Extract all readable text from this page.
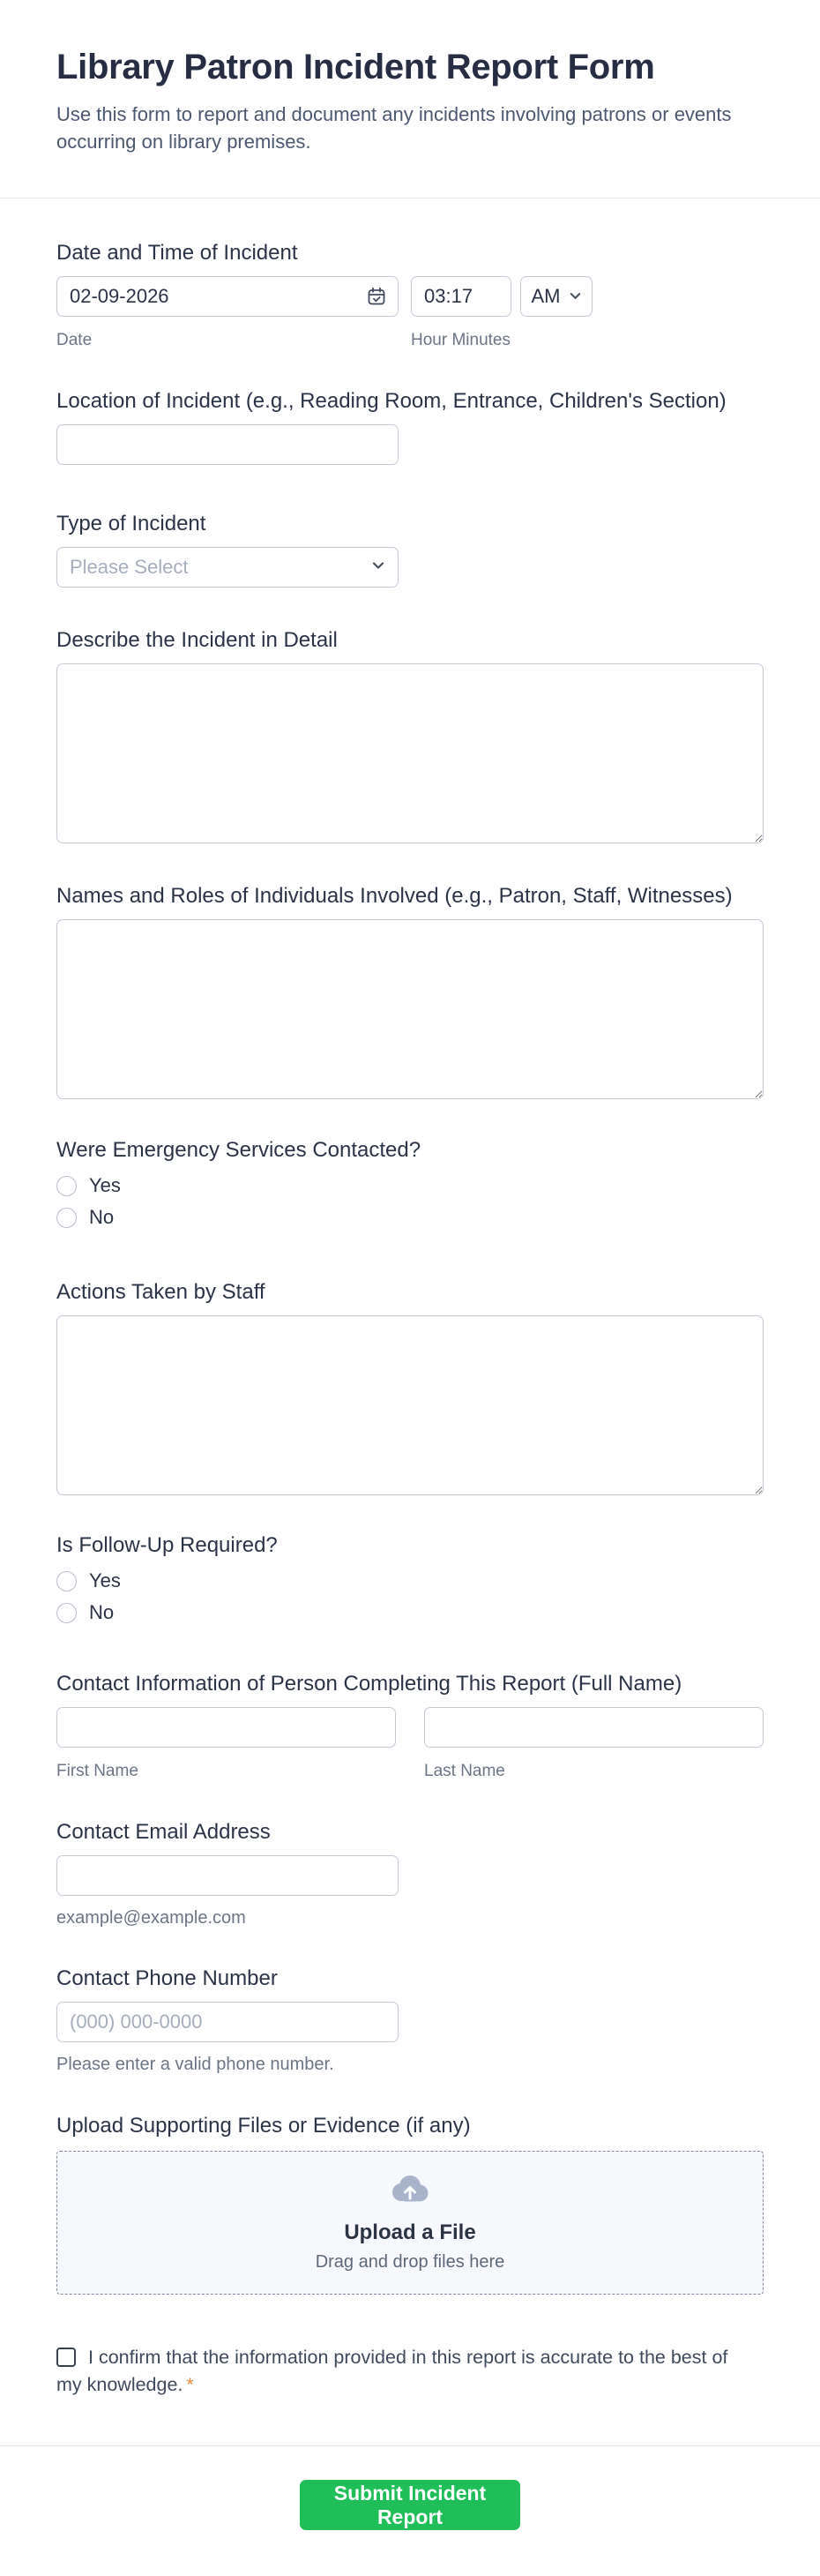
Library Patron Incident Report Form

Use this form to report and document any incidents involving patrons or events occurring on library premises.

Date and Time of Incident
02-09-2026
03:17
AM
Date	Hour Minutes
Location of Incident (e.g., Reading Room, Entrance, Children's Section)
Type of Incident
Please Select
Describe the Incident in Detail
Names and Roles of Individuals Involved (e.g., Patron, Staff, Witnesses)
Were Emergency Services Contacted?
Yes
No
Actions Taken by Staff
Is Follow-Up Required?
Yes
No
Contact Information of Person Completing This Report (Full Name)
First Name	Last Name
Contact Email Address
example@example.com
Contact Phone Number
(000) 000-0000
Please enter a valid phone number.
Upload Supporting Files or Evidence (if any)
Upload a File
Drag and drop files here
I confirm that the information provided in this report is accurate to the best of my knowledge. *
Submit Incident Report
